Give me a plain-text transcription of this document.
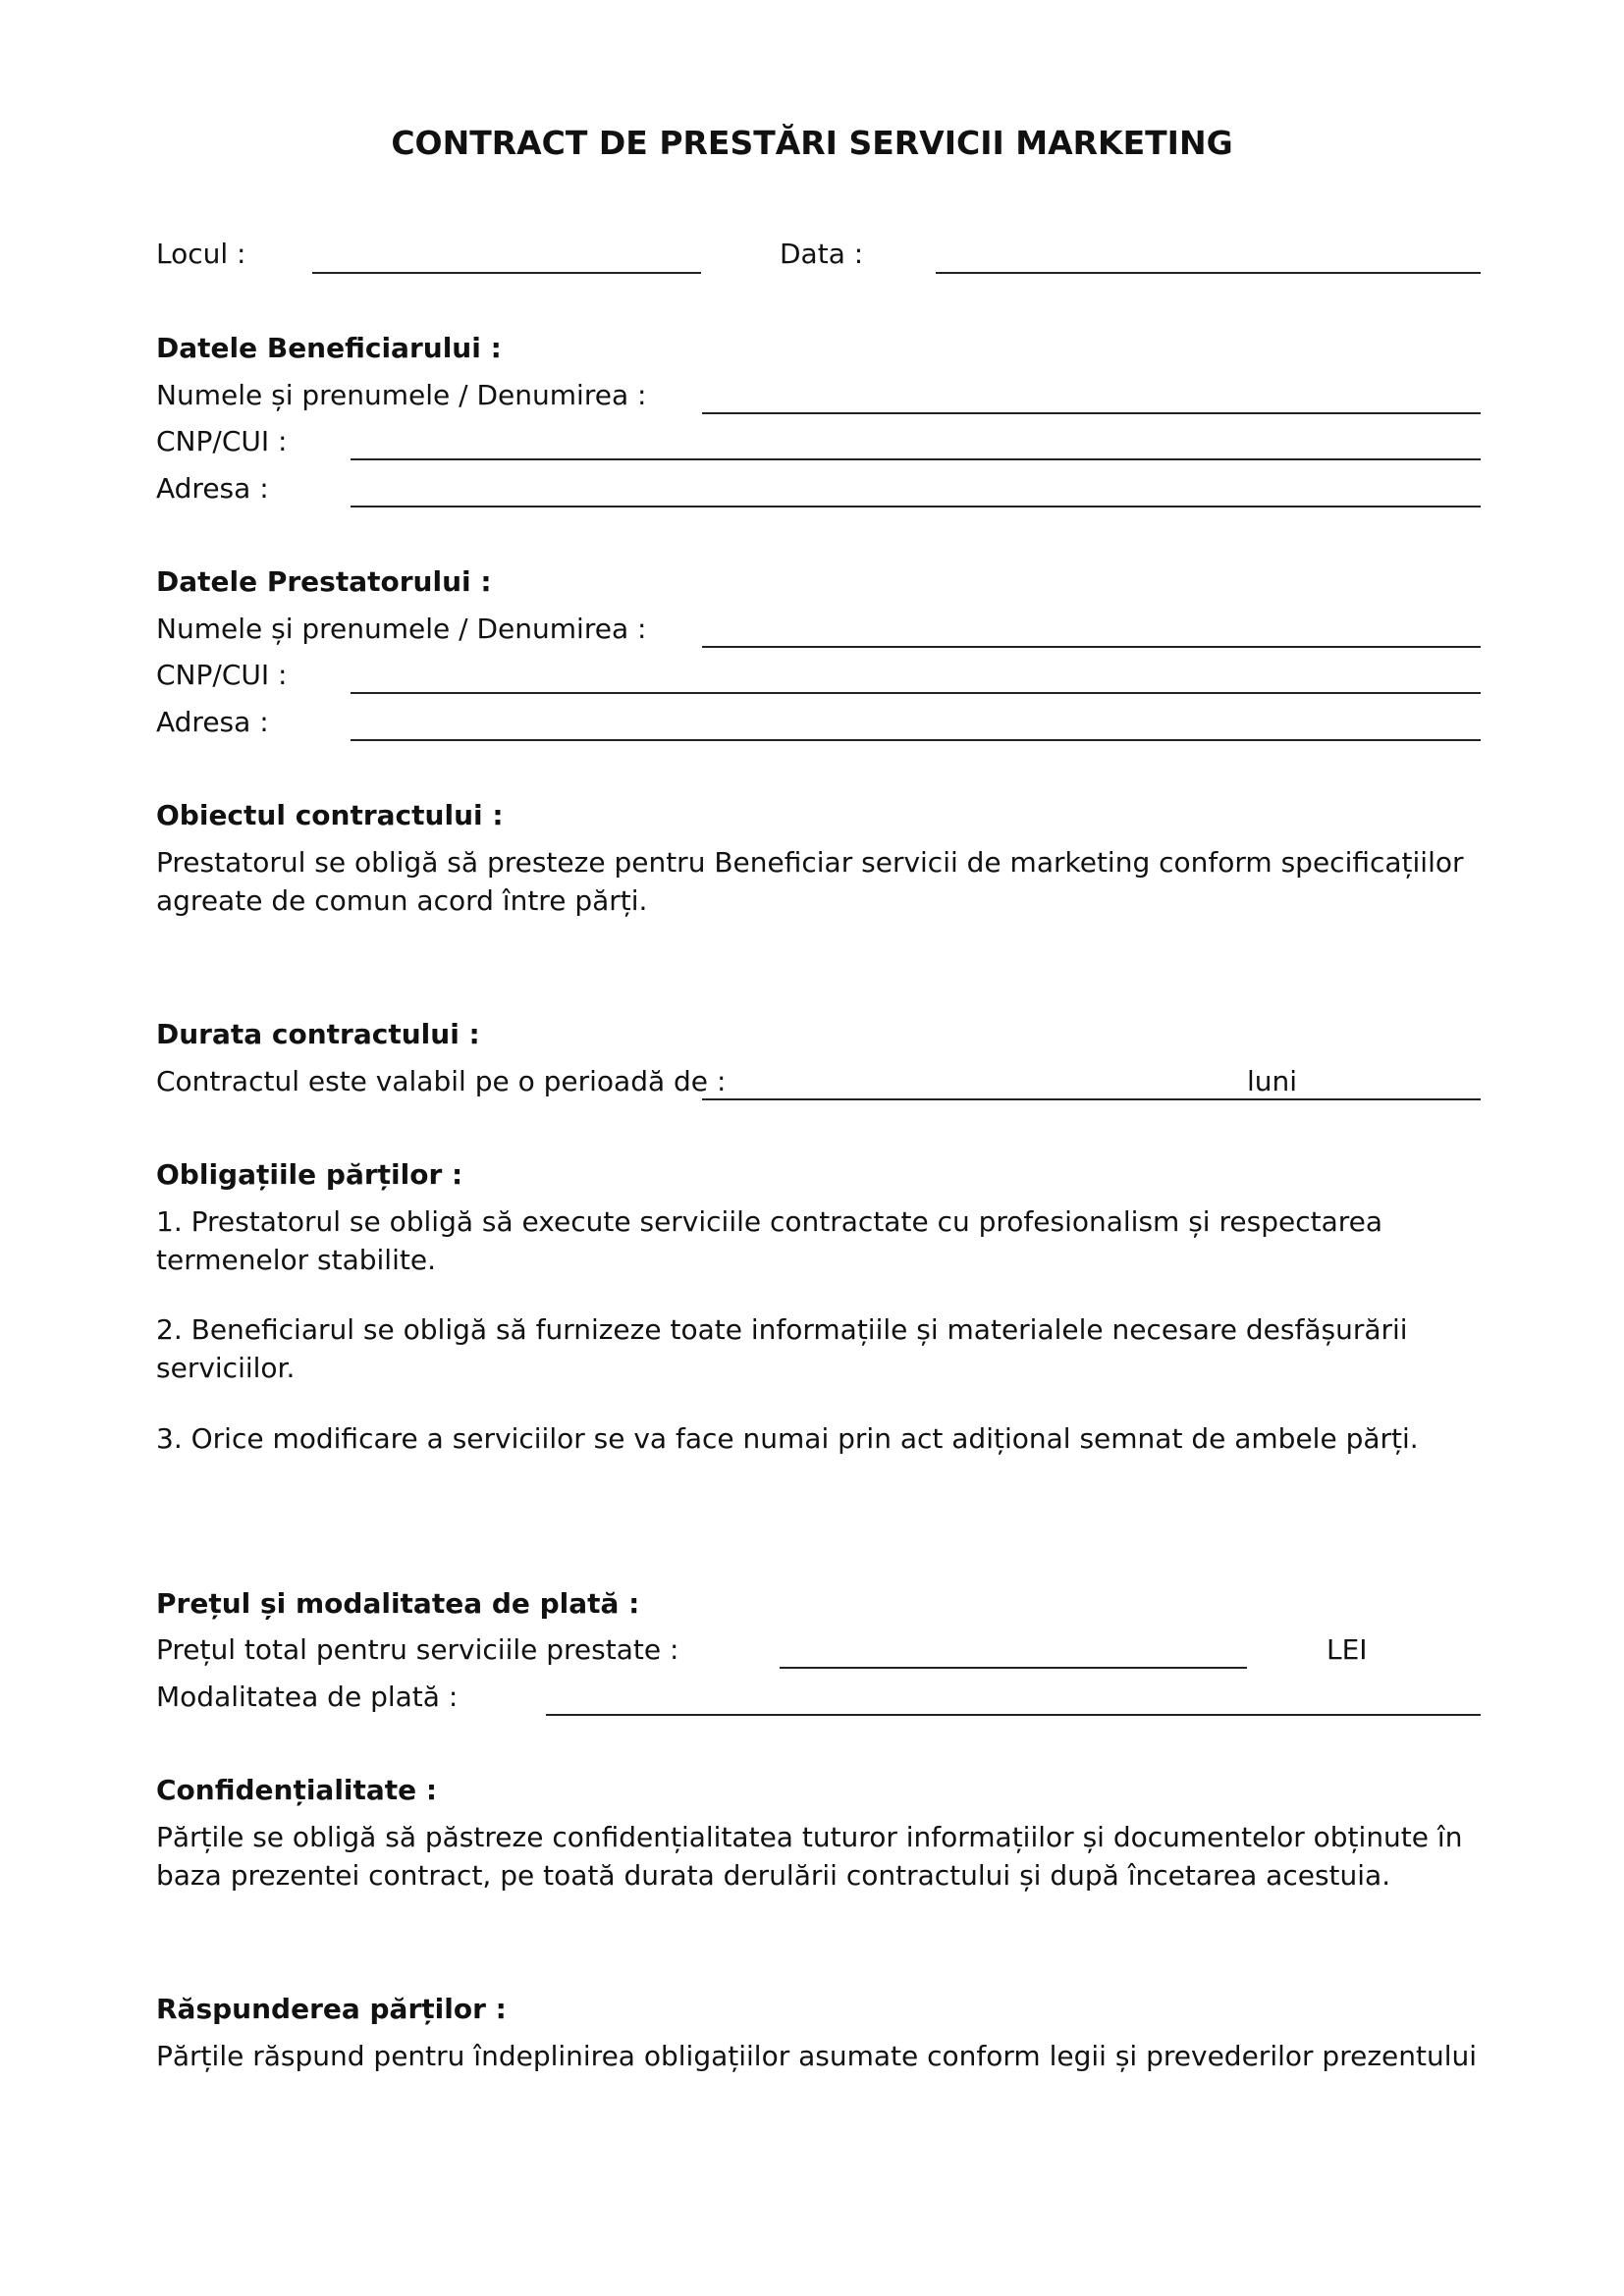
CONTRACT DE PRESTĂRI SERVICII MARKETING
Locul :	Data :
Datele Beneficiarului :
Numele și prenumele / Denumirea :
CNP/CUI :
Adresa :
Datele Prestatorului :
Numele și prenumele / Denumirea :
CNP/CUI :
Adresa :
Obiectul contractului :
Prestatorul se obligă să presteze pentru Beneficiar servicii de marketing conform specificațiilor
agreate de comun acord între părți.
Durata contractului :
Contractul este valabil pe o perioadă de :	luni
Obligațiile părților :
1. Prestatorul se obligă să execute serviciile contractate cu profesionalism și respectarea
termenelor stabilite.
2. Beneficiarul se obligă să furnizeze toate informațiile și materialele necesare desfășurării
serviciilor.
3. Orice modificare a serviciilor se va face numai prin act adițional semnat de ambele părți.
Prețul și modalitatea de plată :
Prețul total pentru serviciile prestate :	LEI
Modalitatea de plată :
Confidențialitate :
Părțile se obligă să păstreze confidențialitatea tuturor informațiilor și documentelor obținute în
baza prezentei contract, pe toată durata derulării contractului și după încetarea acestuia.
Răspunderea părților :
Părțile răspund pentru îndeplinirea obligațiilor asumate conform legii și prevederilor prezentului
